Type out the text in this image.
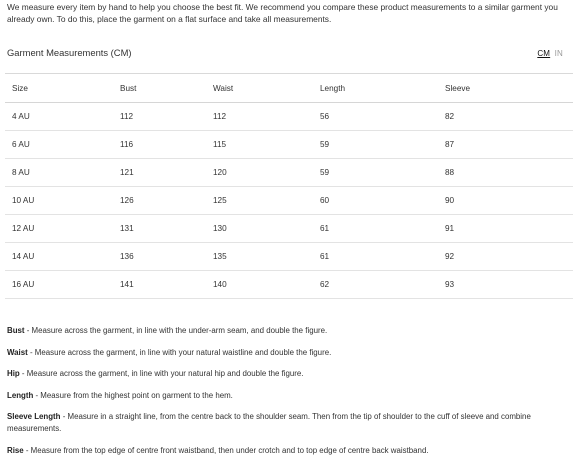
We measure every item by hand to help you choose the best fit. We recommend you compare these product measurements to a similar garment you already own. To do this, place the garment on a flat surface and take all measurements.
Garment Measurements (CM)	CM IN
Size	Bust	Waist	Length	Sleeve
4 AU	112	112	56	82
6 AU	116	115	59	87
8 AU	121	120	59	88
10 AU	126	125	60	90
12 AU	131	130	61	91
14 AU	136	135	61	92
16 AU	141	140	62	93
Bust - Measure across the garment, in line with the under-arm seam, and double the figure.
Waist - Measure across the garment, in line with your natural waistline and double the figure.
Hip - Measure across the garment, in line with your natural hip and double the figure.
Length - Measure from the highest point on garment to the hem.
Sleeve Length - Measure in a straight line, from the centre back to the shoulder seam. Then from the tip of shoulder to the cuff of sleeve and combine measurements.
Rise - Measure from the top edge of centre front waistband, then under crotch and to top edge of centre back waistband.
